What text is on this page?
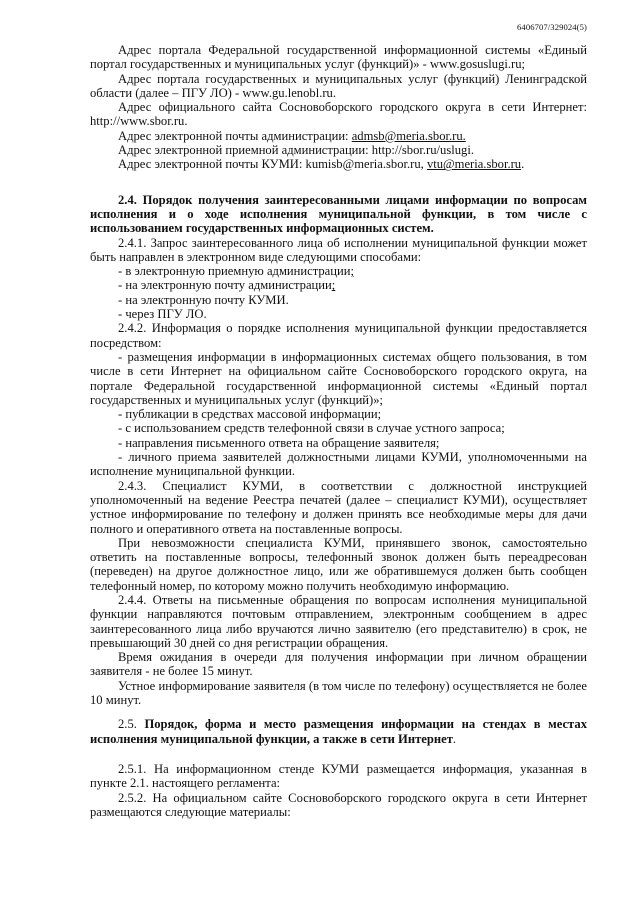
6406707/329024(5)

Адрес портала Федеральной государственной информационной системы «Единый портал государственных и муниципальных услуг (функций)» - www.gosuslugi.ru;

Адрес портала государственных и муниципальных услуг (функций) Ленинградской области (далее – ПГУ ЛО) - www.gu.lenobl.ru.

Адрес официального сайта Сосновоборского городского округа в сети Интернет: http://www.sbor.ru.

Адрес электронной почты администрации: admsb@meria.sbor.ru.

Адрес электронной приемной администрации: http://sbor.ru/uslugi.

Адрес электронной почты КУМИ: kumisb@meria.sbor.ru, vtu@meria.sbor.ru.

2.4. Порядок получения заинтересованными лицами информации по вопросам исполнения и о ходе исполнения муниципальной функции, в том числе с использованием государственных информационных систем.

2.4.1. Запрос заинтересованного лица об исполнении муниципальной функции может быть направлен в электронном виде следующими способами:

- в электронную приемную администрации;

- на электронную почту администрации;

- на электронную почту КУМИ.

- через ПГУ ЛО.

2.4.2. Информация о порядке исполнения муниципальной функции предоставляется посредством:

- размещения информации в информационных системах общего пользования, в том числе в сети Интернет на официальном сайте Сосновоборского городского округа, на портале Федеральной государственной информационной системы «Единый портал государственных и муниципальных услуг (функций)»;

- публикации в средствах массовой информации;

- с использованием средств телефонной связи в случае устного запроса;

- направления письменного ответа на обращение заявителя;

- личного приема заявителей должностными лицами КУМИ, уполномоченными на исполнение муниципальной функции.

2.4.3. Специалист КУМИ, в соответствии с должностной инструкцией уполномоченный на ведение Реестра печатей (далее – специалист КУМИ), осуществляет устное информирование по телефону и должен принять все необходимые меры для дачи полного и оперативного ответа на поставленные вопросы.

При невозможности специалиста КУМИ, принявшего звонок, самостоятельно ответить на поставленные вопросы, телефонный звонок должен быть переадресован (переведен) на другое должностное лицо, или же обратившемуся должен быть сообщен телефонный номер, по которому можно получить необходимую информацию.

2.4.4. Ответы на письменные обращения по вопросам исполнения муниципальной функции направляются почтовым отправлением, электронным сообщением в адрес заинтересованного лица либо вручаются лично заявителю (его представителю) в срок, не превышающий 30 дней со дня регистрации обращения.

Время ожидания в очереди для получения информации при личном обращении заявителя - не более 15 минут.

Устное информирование заявителя (в том числе по телефону) осуществляется не более 10 минут.

2.5. Порядок, форма и место размещения информации на стендах в местах исполнения муниципальной функции, а также в сети Интернет.

2.5.1. На информационном стенде КУМИ размещается информация, указанная в пункте 2.1. настоящего регламента:

2.5.2. На официальном сайте Сосновоборского городского округа в сети Интернет размещаются следующие материалы:
